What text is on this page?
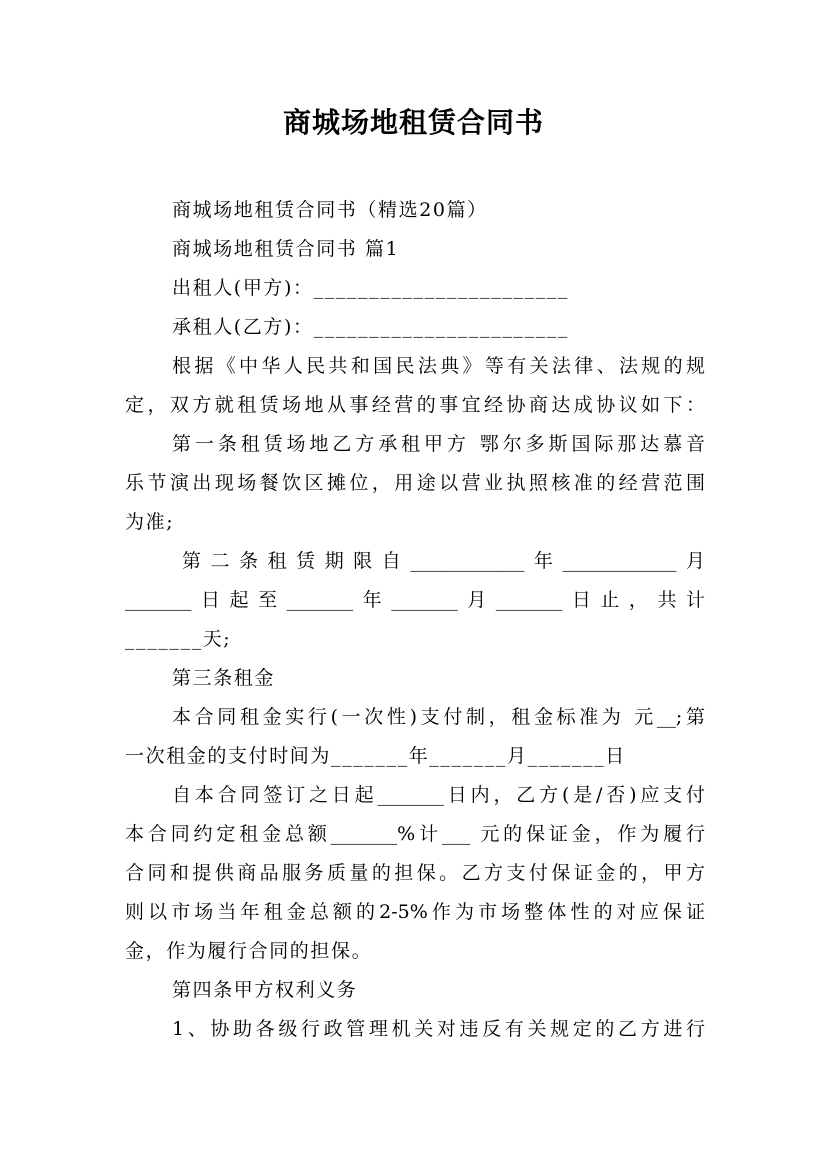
商城场地租赁合同书
商城场地租赁合同书（精选20篇）
商城场地租赁合同书 篇1
出租人(甲方)：_______________________
承租人(乙方)：_______________________
根据《中华人民共和国民法典》等有关法律、法规的规
定，双方就租赁场地从事经营的事宜经协商达成协议如下：
第一条租赁场地乙方承租甲方 鄂尔多斯国际那达慕音
乐节演出现场餐饮区摊位，用途以营业执照核准的经营范围
为准;
第二条租赁期限自____________年____________月
_______日起至_______年_______月_______日止，共计
_______天;
第三条租金
本合同租金实行(一次性)支付制，租金标准为 元__;第
一次租金的支付时间为_______年_______月_______日
自本合同签订之日起_______日内，乙方(是/否)应支付
本合同约定租金总额_______%计___ 元的保证金，作为履行
合同和提供商品服务质量的担保。乙方支付保证金的，甲方
则以市场当年租金总额的2-5%作为市场整体性的对应保证
金，作为履行合同的担保。
第四条甲方权利义务
1、协助各级行政管理机关对违反有关规定的乙方进行
